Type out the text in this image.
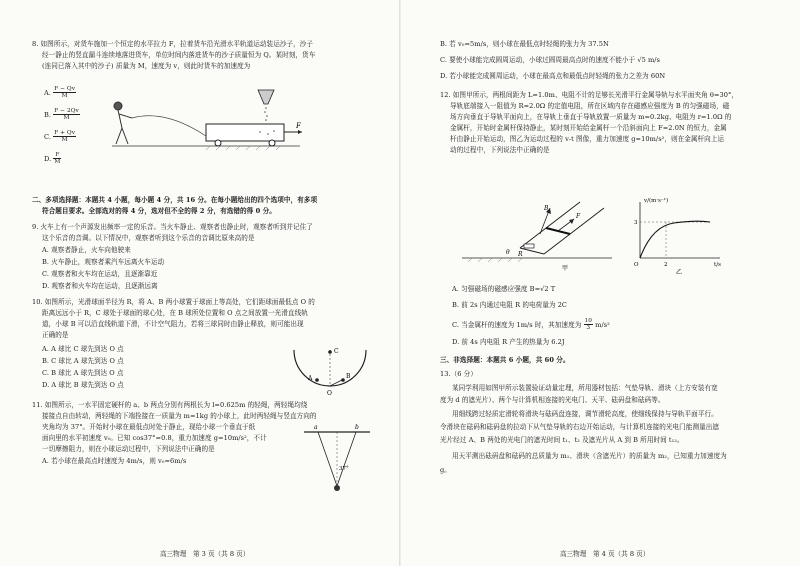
8. 如图所示，对货车施加一个恒定的水平拉力 F，拉着货车沿光滑水平轨道运动装运沙子，沙子
经一静止的竖直漏斗连续地落进货车，单位时间内落进货车的沙子质量恒为 Q。某时刻，货车
(连同已落入其中的沙子) 质量为 M，速度为 v，则此时货车的加速度为
A. $\frac{F - Qv}{M}$
B. $\frac{F - 2Qv}{M}$
C. $\frac{F + Qv}{M}$
D. $\frac{F}{M}$
F
二、多项选择题：本题共 4 小题，每小题 4 分，共 16 分。在每小题给出的四个选项中，有多项
符合题目要求。全部选对的得 4 分，选对但不全的得 2 分，有选错的得 0 分。
9. 火车上有一个声源发出频率一定的乐音。当火车静止、观察者也静止时，观察者听到并记住了
这个乐音的音调。以下情况中，观察者听到这个乐音的音调比原来高的是
A. 观察者静止，火车向他驶来
B. 火车静止，观察者乘汽车远离火车运动
C. 观察者和火车均在运动，且逐渐靠近
D. 观察者和火车均在运动，且逐渐远离
10. 如图所示，光滑球面半径为 R，将 A、B 两小球置于球面上等高处，它们距球面最低点 O 的
距离远远小于 R，C 球处于球面的球心处，在 B 球所处位置和 O 点之间放置一光滑直线轨
道，小球 B 可以沿直线轨道下滑，不计空气阻力，若将三球同时由静止释放，则可能出现
正确的是
A. A 球比 C 球先到达 O 点
B. C 球比 A 球先到达 O 点
C. B 球比 A 球先到达 O 点
D. A 球比 B 球先到达 O 点
C
A	B
O
11. 如图所示，一水平固定硬杆的 a、b 两点分别有两根长为 l=0.625m 的轻绳，两轻绳均绕
接接点自由转动，两轻绳的下端拴接在一质量为 m=1kg 的小球上，此时两轻绳与竖直方向的
夹角均为 37°。开始时小球在最低点时处于静止，现给小球一个垂直于纸
面向里的水平初速度 v₀。已知 cos37°=0.8，重力加速度 g=10m/s²，不计
一切摩擦阻力，则在小球运动过程中，下列说法中正确的是
A. 若小球在最高点时速度为 4m/s，则 v₀=6m/s
a	b
37°
高三物理　第 3 页（共 8 页）
B. 若 v₀=5m/s，则小球在最低点时轻绳的张力为 37.5N
C. 要使小球能完成圆周运动，小球过圆周最高点时的速度不能小于 √5 m/s
D. 若小球能完成圆周运动，小球在最高点和最低点时轻绳的张力之差为 60N
12. 如图甲所示，两根间距为 L=1.0m、电阻不计的足够长光滑平行金属导轨与水平面夹角 θ=30°，
导轨底端接入一阻值为 R=2.0Ω 的定值电阻，所在区域内存在磁感应强度为 B 的匀强磁场，磁
场方向垂直于导轨平面向上，在导轨上垂直于导轨放置一质量为 m=0.2kg、电阻为 r=1.0Ω 的
金属杆，开始时金属杆保持静止，某时刻开始给金属杆一个沿斜面向上 F=2.0N 的恒力，金属
杆由静止开始运动，图乙为运动过程的 v-t 图像，重力加速度 g=10m/s²，则在金属杆向上运
动的过程中，下列说法中正确的是
B
F
R
θ
甲
v/(m·s⁻¹)
t/s
3
2
O
乙
A. 匀强磁场的磁感应强度 B=√2 T
B. 前 2s 内通过电阻 R 的电荷量为 2C
C. 当金属杆的速度为 1m/s 时，其加速度为 $\frac{10}{3} m/s^2$
D. 前 4s 内电阻 R 产生的热量为 6.2J
三、非选择题：本题共 6 小题，共 60 分。
13.（6 分）
某同学利用如图甲所示装置验证动量定理，所用器材包括：气垫导轨、滑块（上方安装有宽
度为 d 的遮光片）、两个与计算机相连接的光电门、天平、砝码盘和砝码等。
用细线跨过轻质定滑轮将滑块与砝码盘连接，调节滑轮高度，使细线保持与导轨平面平行。
令滑块在砝码和砝码盘的拉动下从气垫导轨的右边开始运动，与计算机连接的光电门能测量出遮
光片经过 A、B 两处的光电门的遮光时间 t₁、t₂ 及遮光片从 A 到 B 所用时间 t₁₂。
用天平测出砝码盘和砝码的总质量为 m₁、滑块（含遮光片）的质量为 m₂，已知重力加速度为
g。
高三物理　第 4 页（共 8 页）
